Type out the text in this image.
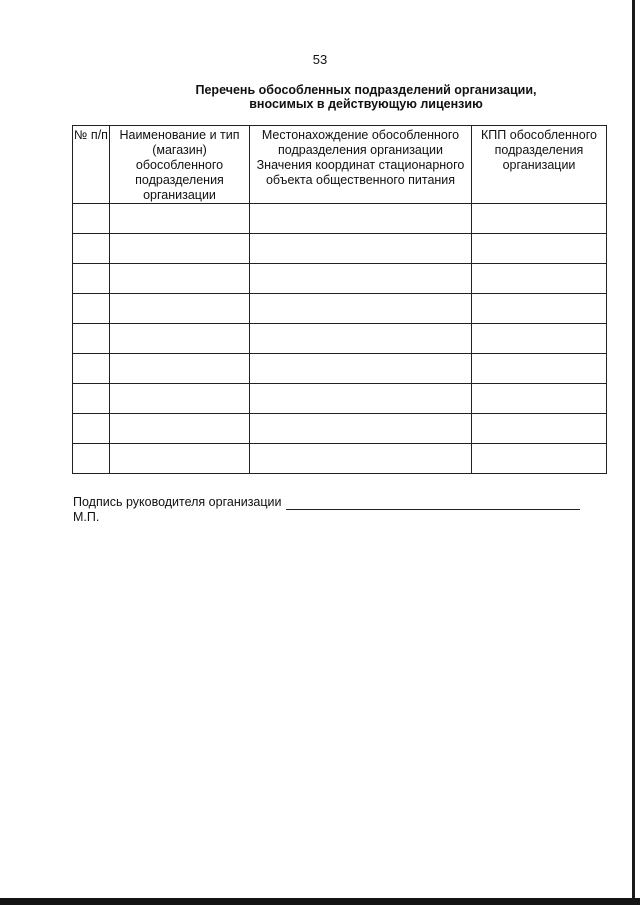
53
Перечень обособленных подразделений организации,
вносимых в действующую лицензию
№ п/п	Наименование и тип (магазин) обособленного подразделения организации	Местонахождение обособленного подразделения организации Значения координат стационарного объекта общественного питания	КПП обособленного подразделения организации

Подпись руководителя организации
М.П.
